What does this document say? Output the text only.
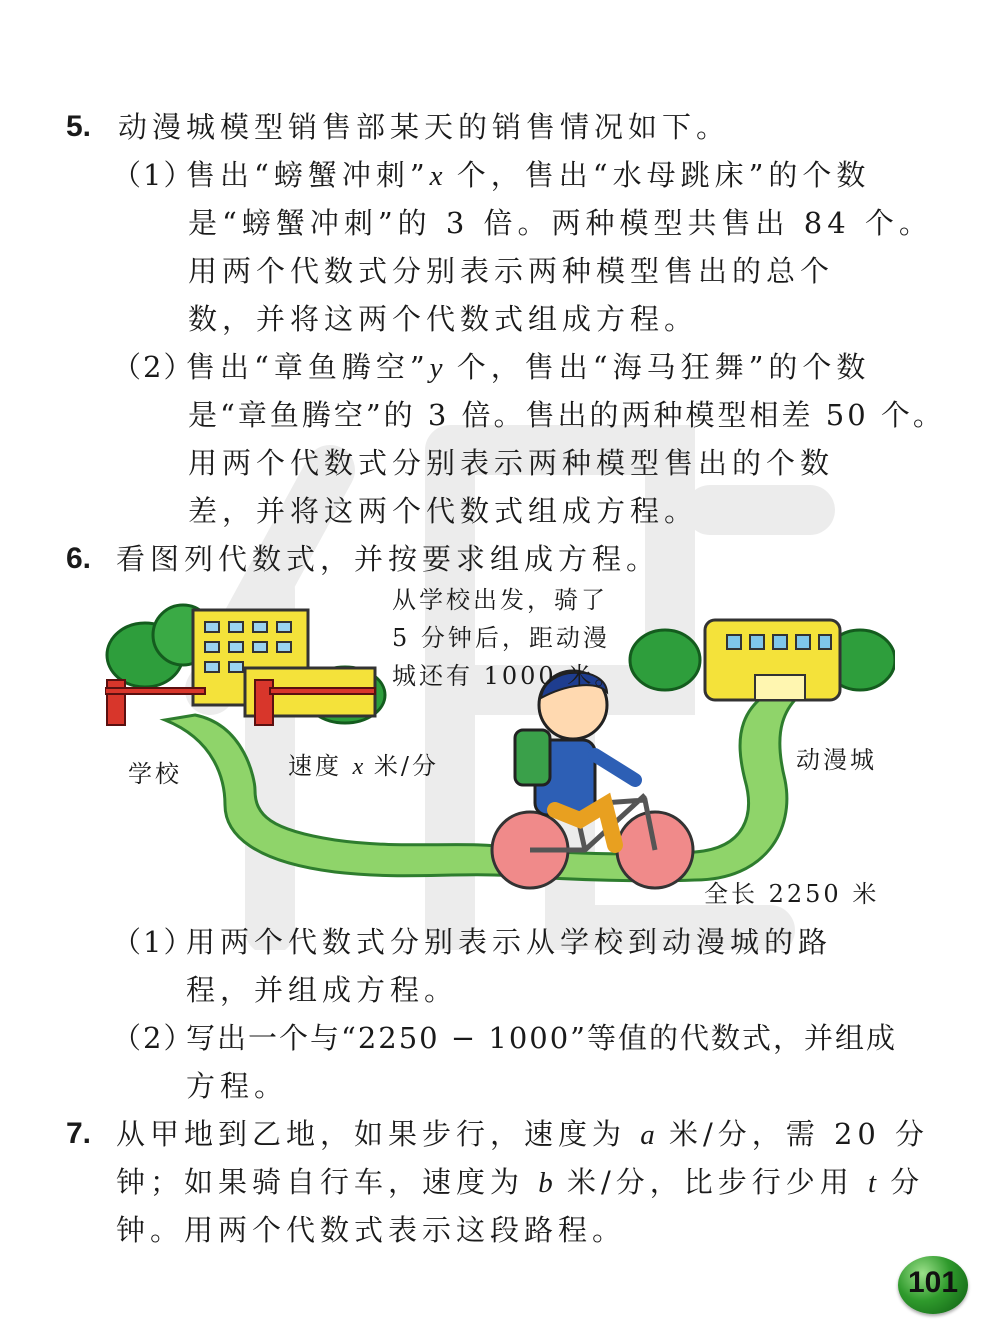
5. 动漫城模型销售部某天的销售情况如下。
（1）
售出“螃蟹冲刺”x 个，售出“水母跳床”的个数
是“螃蟹冲刺”的 3 倍。两种模型共售出 84 个。
用两个代数式分别表示两种模型售出的总个
数，并将这两个代数式组成方程。
（2）
售出“章鱼腾空”y 个，售出“海马狂舞”的个数
是“章鱼腾空”的 3 倍。售出的两种模型相差 50 个。
用两个代数式分别表示两种模型售出的个数
差，并将这两个代数式组成方程。
6. 看图列代数式，并按要求组成方程。
从学校出发，骑了
5 分钟后，距动漫
城还有 1000 米。
学校	速度 x 米/分	动漫城
全长 2250 米
（1）
用两个代数式分别表示从学校到动漫城的路
程，并组成方程。
（2）
写出一个与“2250 − 1000”等值的代数式，并组成
方程。
7. 从甲地到乙地，如果步行，速度为 a 米/分，需 20 分
钟；如果骑自行车，速度为 b 米/分，比步行少用 t 分
钟。用两个代数式表示这段路程。
101
